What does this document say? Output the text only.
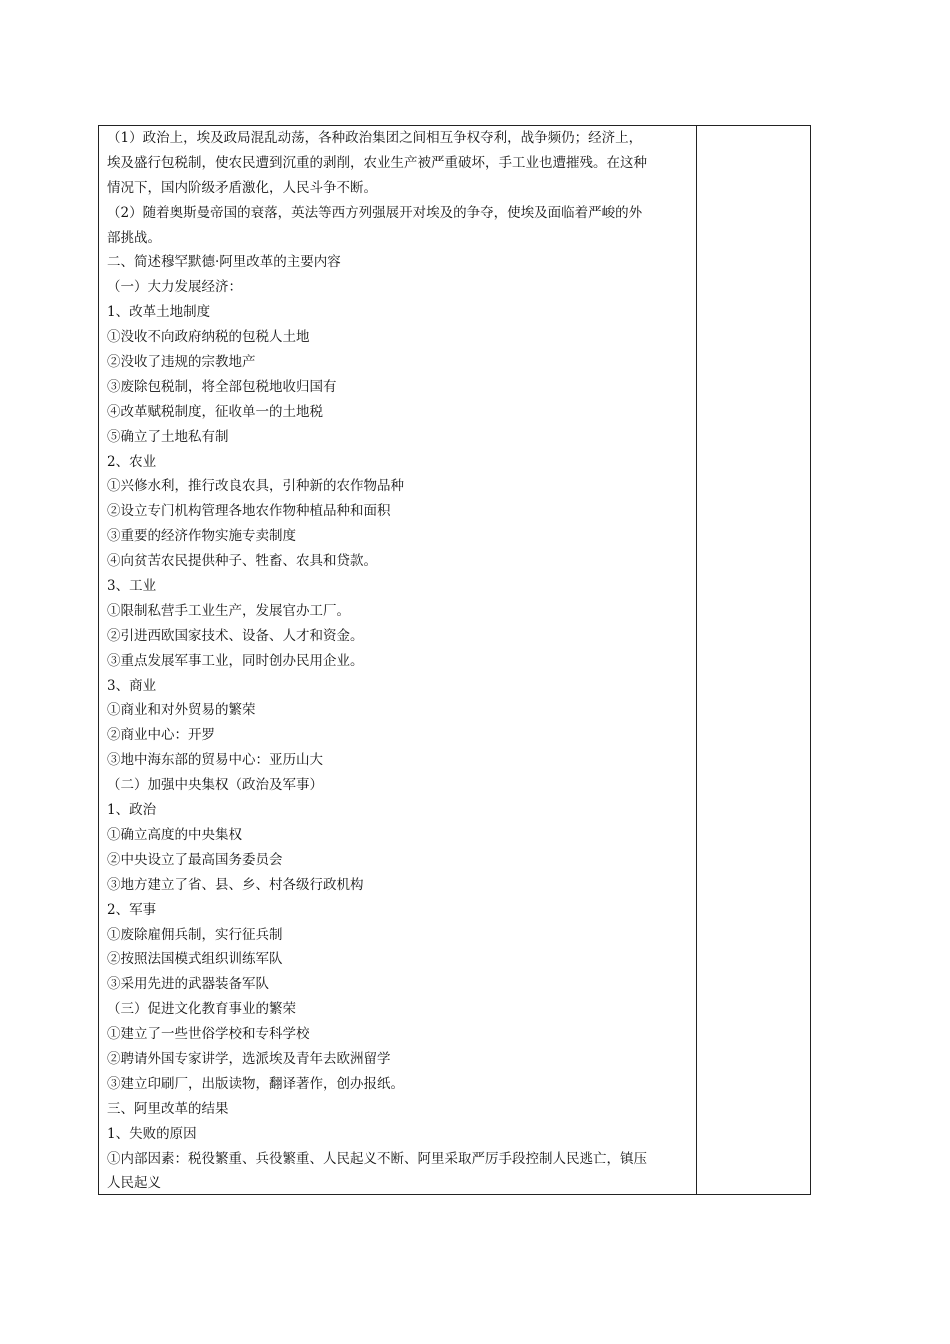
（1）政治上，埃及政局混乱动荡，各种政治集团之间相互争权夺利，战争频仍；经济上，
埃及盛行包税制，使农民遭到沉重的剥削，农业生产被严重破坏，手工业也遭摧残。在这种
情况下，国内阶级矛盾激化，人民斗争不断。
（2）随着奥斯曼帝国的衰落，英法等西方列强展开对埃及的争夺，使埃及面临着严峻的外
部挑战。
二、简述穆罕默德·阿里改革的主要内容
（一）大力发展经济：
1、改革土地制度
①没收不向政府纳税的包税人土地
②没收了违规的宗教地产
③废除包税制，将全部包税地收归国有
④改革赋税制度，征收单一的土地税
⑤确立了土地私有制
2、农业
①兴修水利，推行改良农具，引种新的农作物品种
②设立专门机构管理各地农作物种植品种和面积
③重要的经济作物实施专卖制度
④向贫苦农民提供种子、牲畜、农具和贷款。
3、工业
①限制私营手工业生产，发展官办工厂。
②引进西欧国家技术、设备、人才和资金。
③重点发展军事工业，同时创办民用企业。
3、商业
①商业和对外贸易的繁荣
②商业中心：开罗
③地中海东部的贸易中心：亚历山大
（二）加强中央集权（政治及军事）
1、政治
①确立高度的中央集权
②中央设立了最高国务委员会
③地方建立了省、县、乡、村各级行政机构
2、军事
①废除雇佣兵制，实行征兵制
②按照法国模式组织训练军队
③采用先进的武器装备军队
（三）促进文化教育事业的繁荣
①建立了一些世俗学校和专科学校
②聘请外国专家讲学，选派埃及青年去欧洲留学
③建立印刷厂，出版读物，翻译著作，创办报纸。
三、阿里改革的结果
1、失败的原因
①内部因素：税役繁重、兵役繁重、人民起义不断、阿里采取严厉手段控制人民逃亡，镇压
人民起义
